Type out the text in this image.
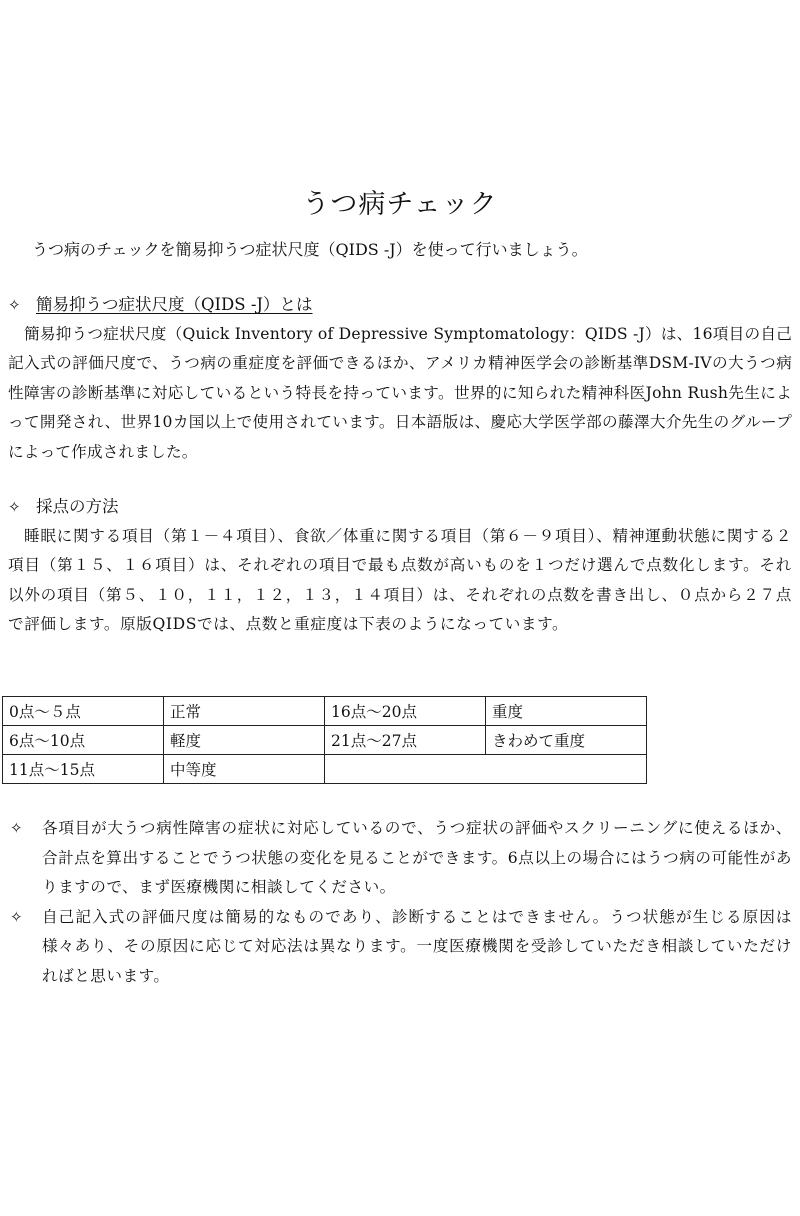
うつ病チェック
うつ病のチェックを簡易抑うつ症状尺度（QIDS -J）を使って行いましょう。
✧ 簡易抑うつ症状尺度（QIDS -J）とは
簡易抑うつ症状尺度（Quick Inventory of Depressive Symptomatology：QIDS -J）は、16項目の自己記入式の評価尺度で、うつ病の重症度を評価できるほか、アメリカ精神医学会の診断基準DSM-IVの大うつ病性障害の診断基準に対応しているという特長を持っています。世界的に知られた精神科医John Rush先生によって開発され、世界10カ国以上で使用されています。日本語版は、慶応大学医学部の藤澤大介先生のグループによって作成されました。
✧ 採点の方法
睡眠に関する項目（第１－４項目）、食欲／体重に関する項目（第６－９項目）、精神運動状態に関する２項目（第１５、１６項目）は、それぞれの項目で最も点数が高いものを１つだけ選んで点数化します。それ以外の項目（第５、１０，１１，１２，１３，１４項目）は、それぞれの点数を書き出し、０点から２７点で評価します。原版QIDSでは、点数と重症度は下表のようになっています。
0点～５点	正常	16点～20点	重度
6点～10点	軽度	21点～27点	きわめて重度
11点～15点	中等度		
✧	各項目が大うつ病性障害の症状に対応しているので、うつ症状の評価やスクリーニングに使えるほか、合計点を算出することでうつ状態の変化を見ることができます。6点以上の場合にはうつ病の可能性がありますので、まず医療機関に相談してください。
✧	自己記入式の評価尺度は簡易的なものであり、診断することはできません。うつ状態が生じる原因は様々あり、その原因に応じて対応法は異なります。一度医療機関を受診していただき相談していただければと思います。
